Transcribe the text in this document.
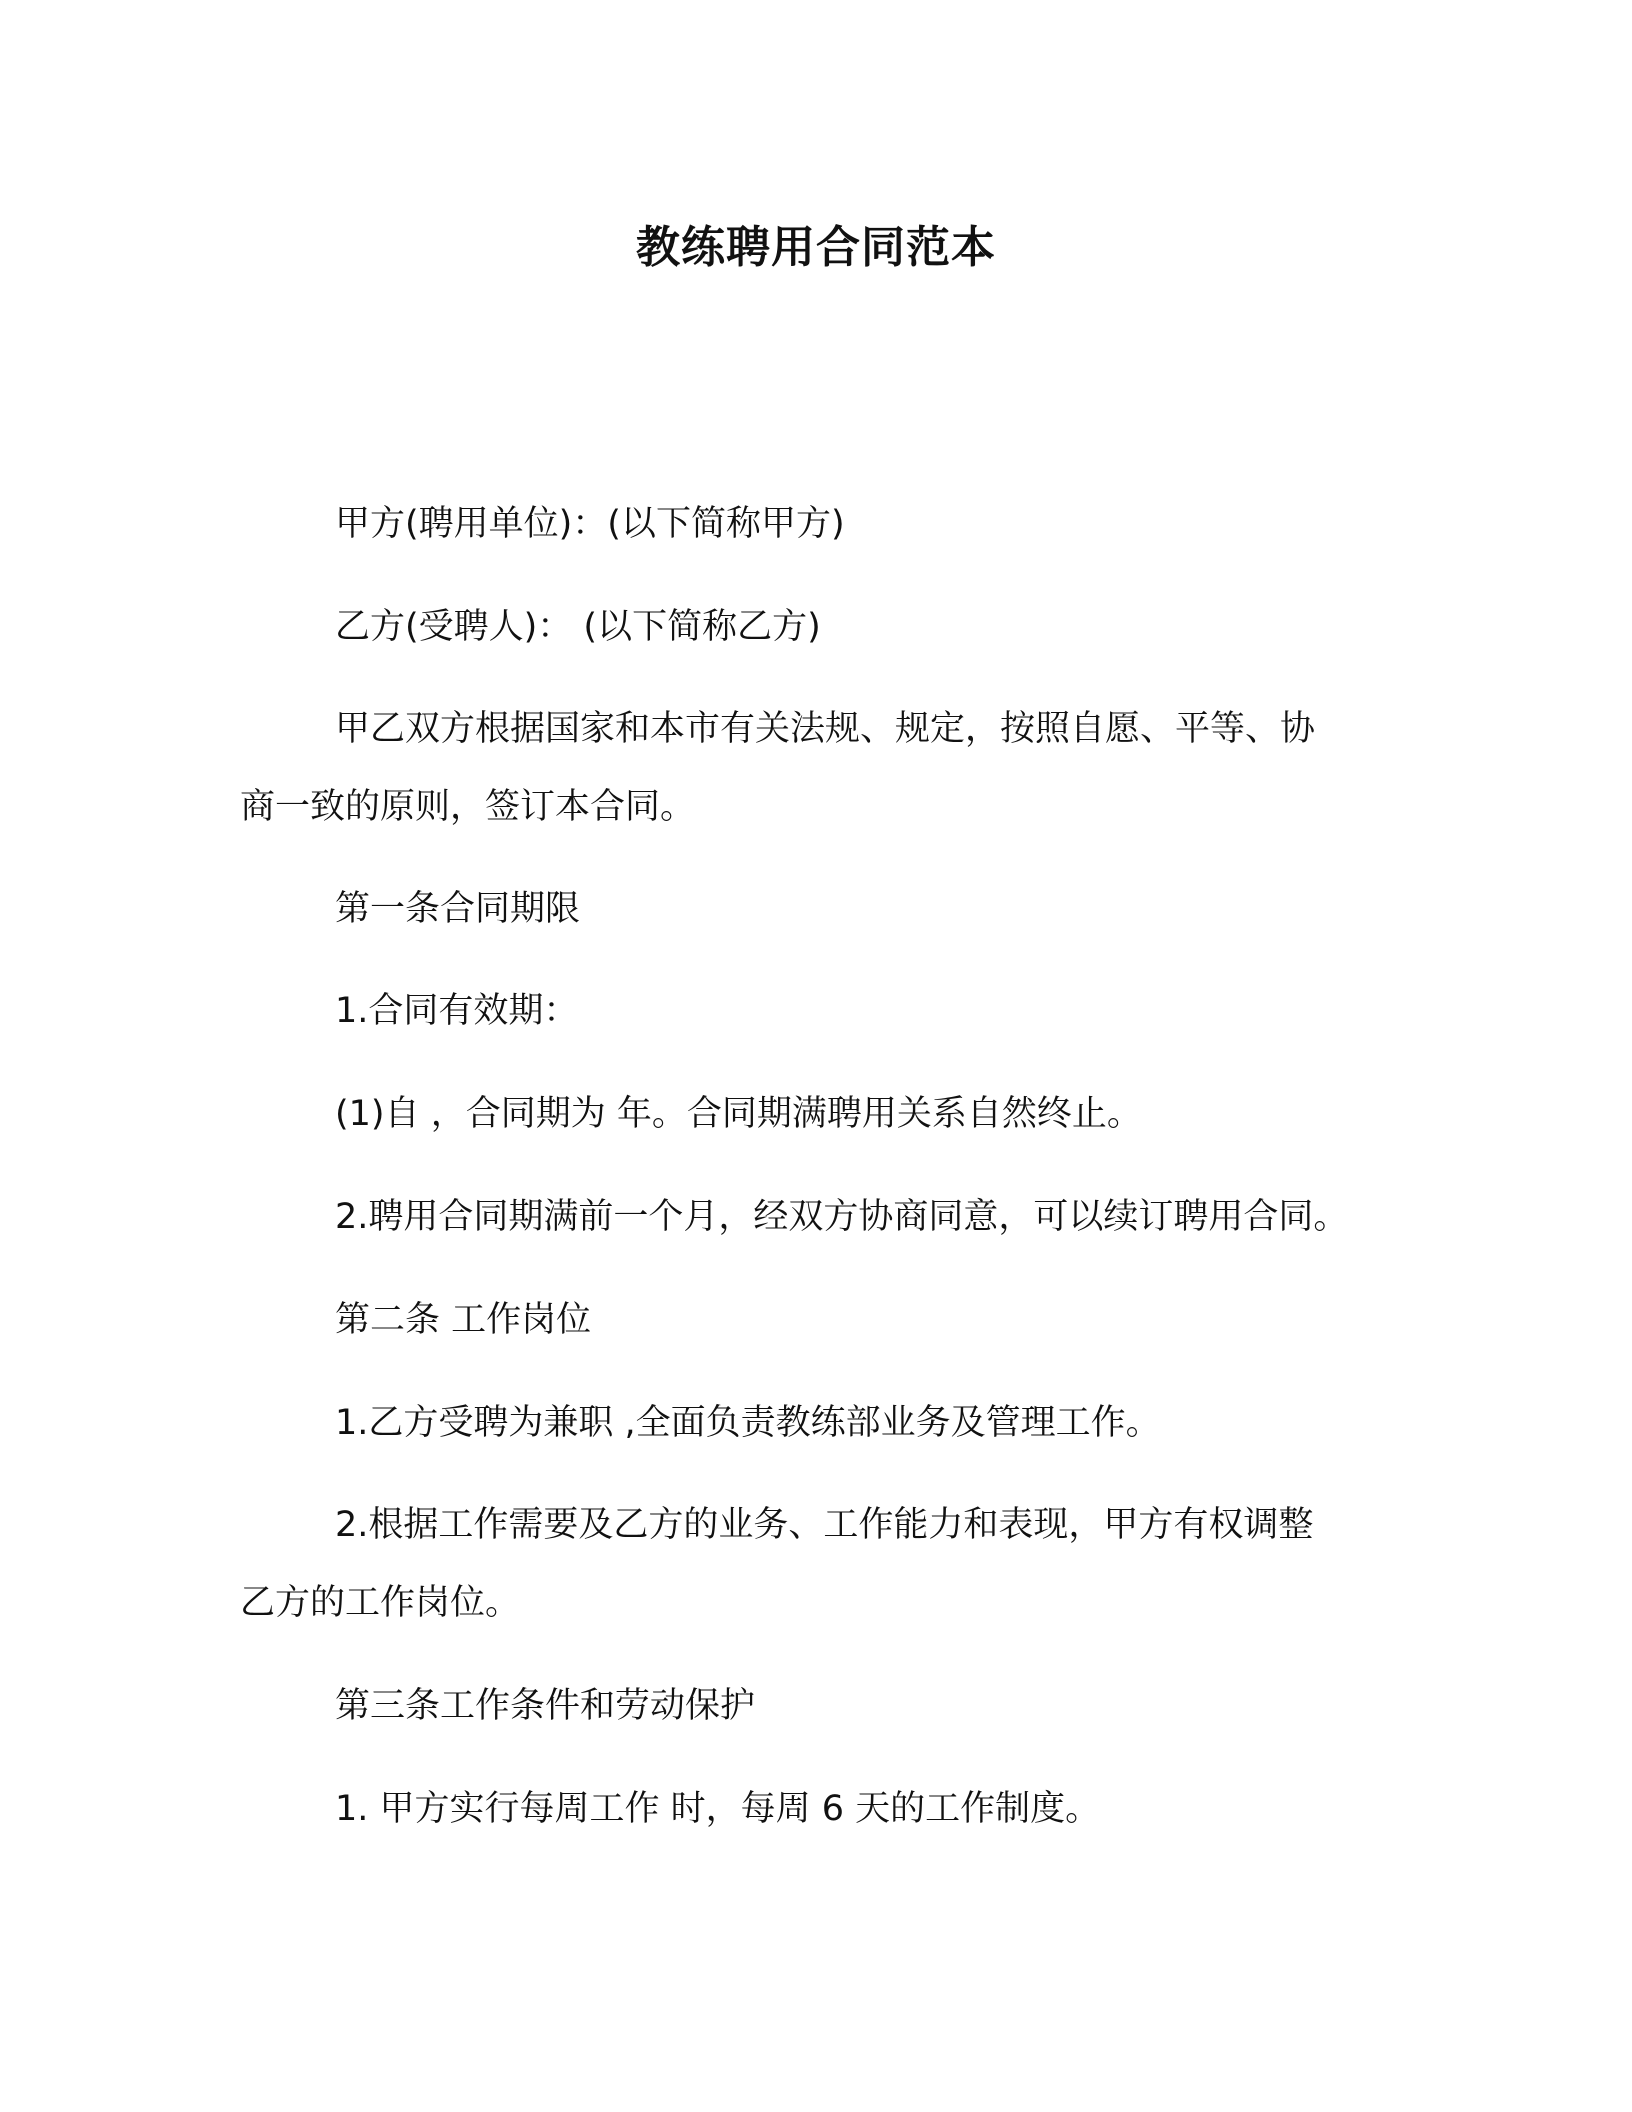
教练聘用合同范本
甲方(聘用单位)：(以下简称甲方)
乙方(受聘人)： (以下简称乙方)
甲乙双方根据国家和本市有关法规、规定，按照自愿、平等、协
商一致的原则，签订本合同。
第一条合同期限
1.合同有效期：
(1)自 ，合同期为 年。合同期满聘用关系自然终止。
2.聘用合同期满前一个月，经双方协商同意，可以续订聘用合同。
第二条 工作岗位
1.乙方受聘为兼职 ,全面负责教练部业务及管理工作。
2.根据工作需要及乙方的业务、工作能力和表现，甲方有权调整
乙方的工作岗位。
第三条工作条件和劳动保护
1. 甲方实行每周工作 时，每周 6 天的工作制度。
